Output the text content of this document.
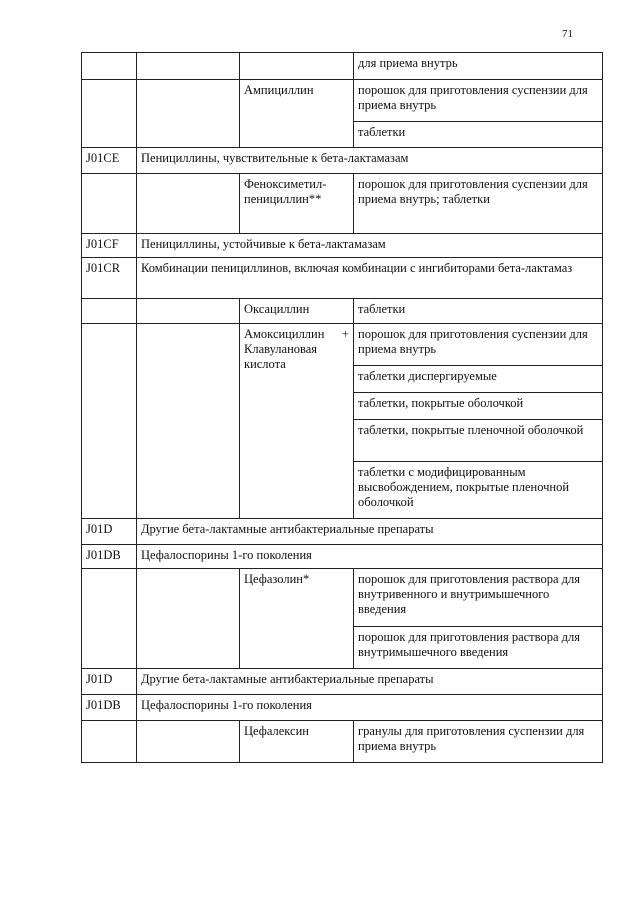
71
			для приема внутрь
		Ампициллин	порошок для приготовления суспензии для приема внутрь
			таблетки
J01CE	Пенициллины, чувствительные к бета-лактамазам		
		Феноксиметил-пенициллин**	порошок для приготовления суспензии для приема внутрь; таблетки
J01CF	Пенициллины, устойчивые к бета-лактамазам		
J01CR	Комбинации пенициллинов, включая комбинации с ингибиторами бета-лактамаз		
		Оксациллин	таблетки
		Амоксициллин + Клавулановая кислота	порошок для приготовления суспензии для приема внутрь
			таблетки диспергируемые
			таблетки, покрытые оболочкой
			таблетки, покрытые пленочной оболочкой
			таблетки с модифицированным высвобождением, покрытые пленочной оболочкой
J01D	Другие бета-лактамные антибактериальные препараты		
J01DB	Цефалоспорины 1-го поколения		
		Цефазолин*	порошок для приготовления раствора для внутривенного и внутримышечного введения
			порошок для приготовления раствора для внутримышечного введения
J01D	Другие бета-лактамные антибактериальные препараты		
J01DB	Цефалоспорины 1-го поколения		
		Цефалексин	гранулы для приготовления суспензии для приема внутрь
